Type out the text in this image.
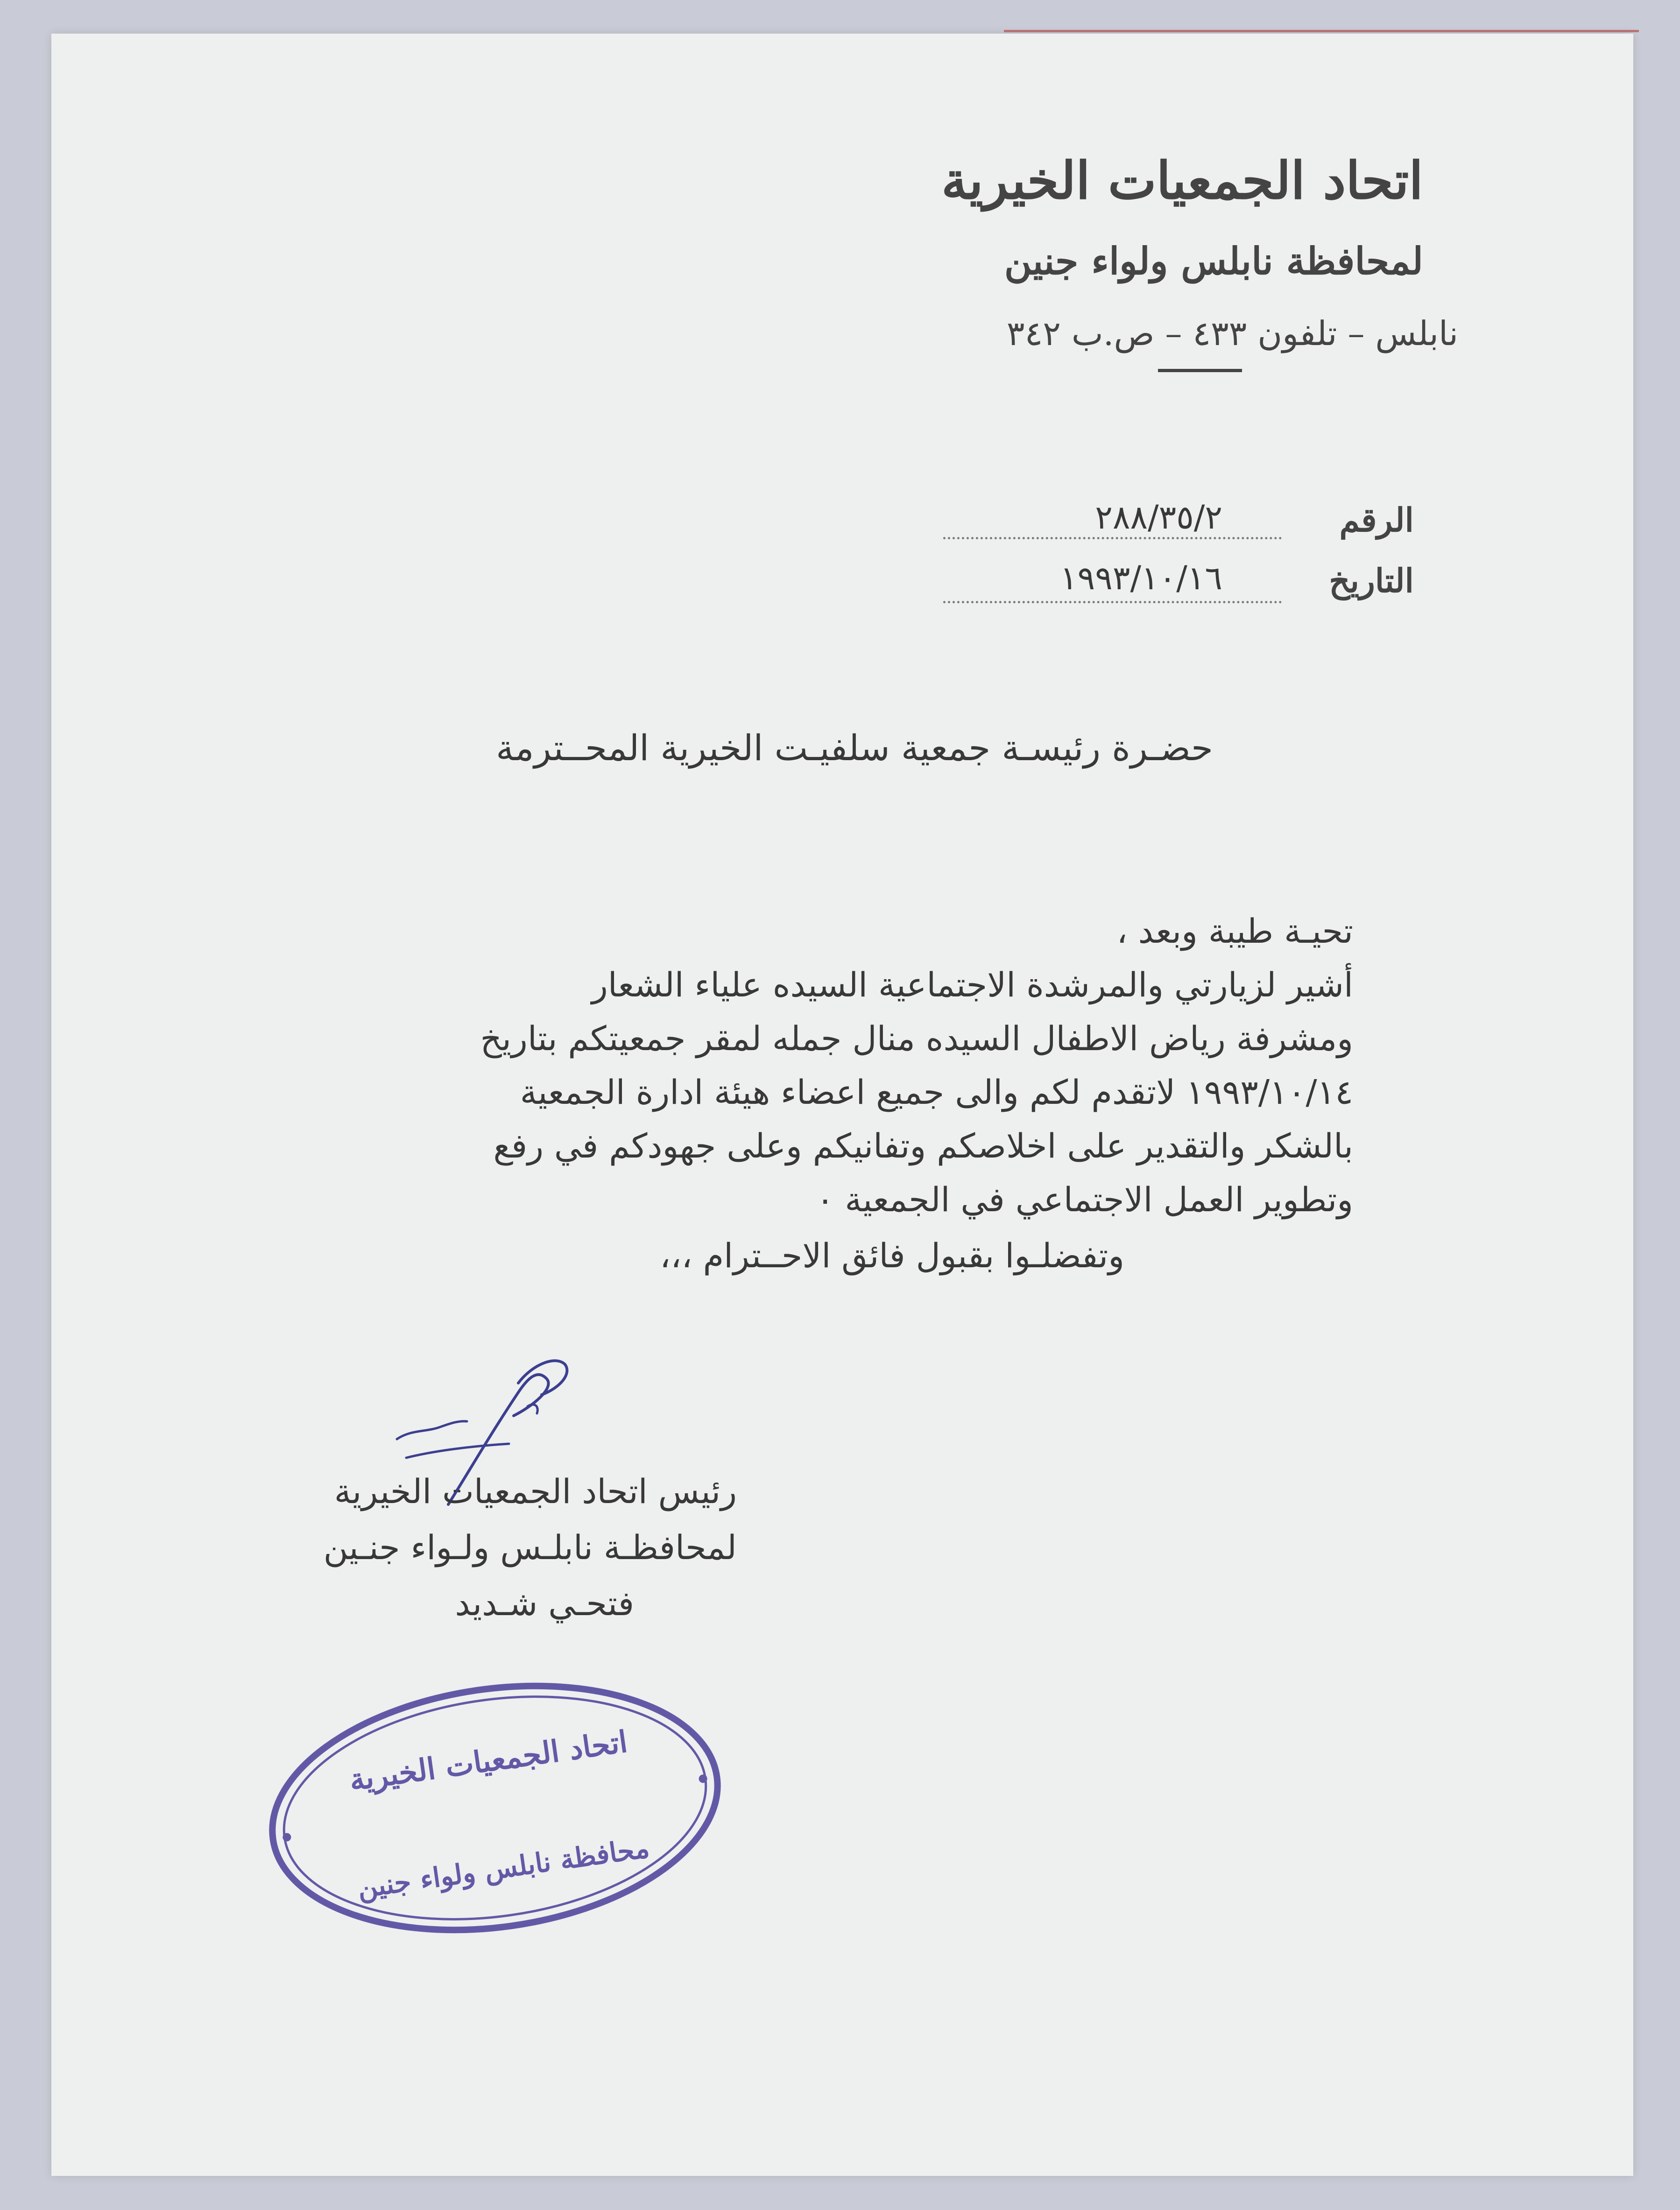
اتحاد الجمعيات الخيرية
لمحافظة نابلس ولواء جنين
نابلس – تلفون ٤٣٣ – ص.ب ٣٤٢
الرقم
٢٨٨/٣٥/٢
التاريخ
١٩٩٣/١٠/١٦
حضـرة رئيسـة جمعية سلفيـت الخيرية المحــترمة
تحيـة طيبة وبعد ،
أشير لزيارتي والمرشدة الاجتماعية السيده علياء الشعار
ومشرفة رياض الاطفال السيده منال جمله لمقر جمعيتكم بتاريخ
١٩٩٣/١٠/١٤ لاتقدم لكم والى جميع اعضاء هيئة ادارة الجمعية
بالشكر والتقدير على اخلاصكم وتفانيكم وعلى جهودكم في رفع
وتطوير العمل الاجتماعي في الجمعية ٠
وتفضلـوا بقبول فائق الاحــترام ،،،
رئيس اتحاد الجمعيات الخيرية
لمحافظـة نابلـس ولـواء جنـين
فتحـي شـديد
اتحاد الجمعيات الخيرية
محافظة نابلس ولواء جنين
